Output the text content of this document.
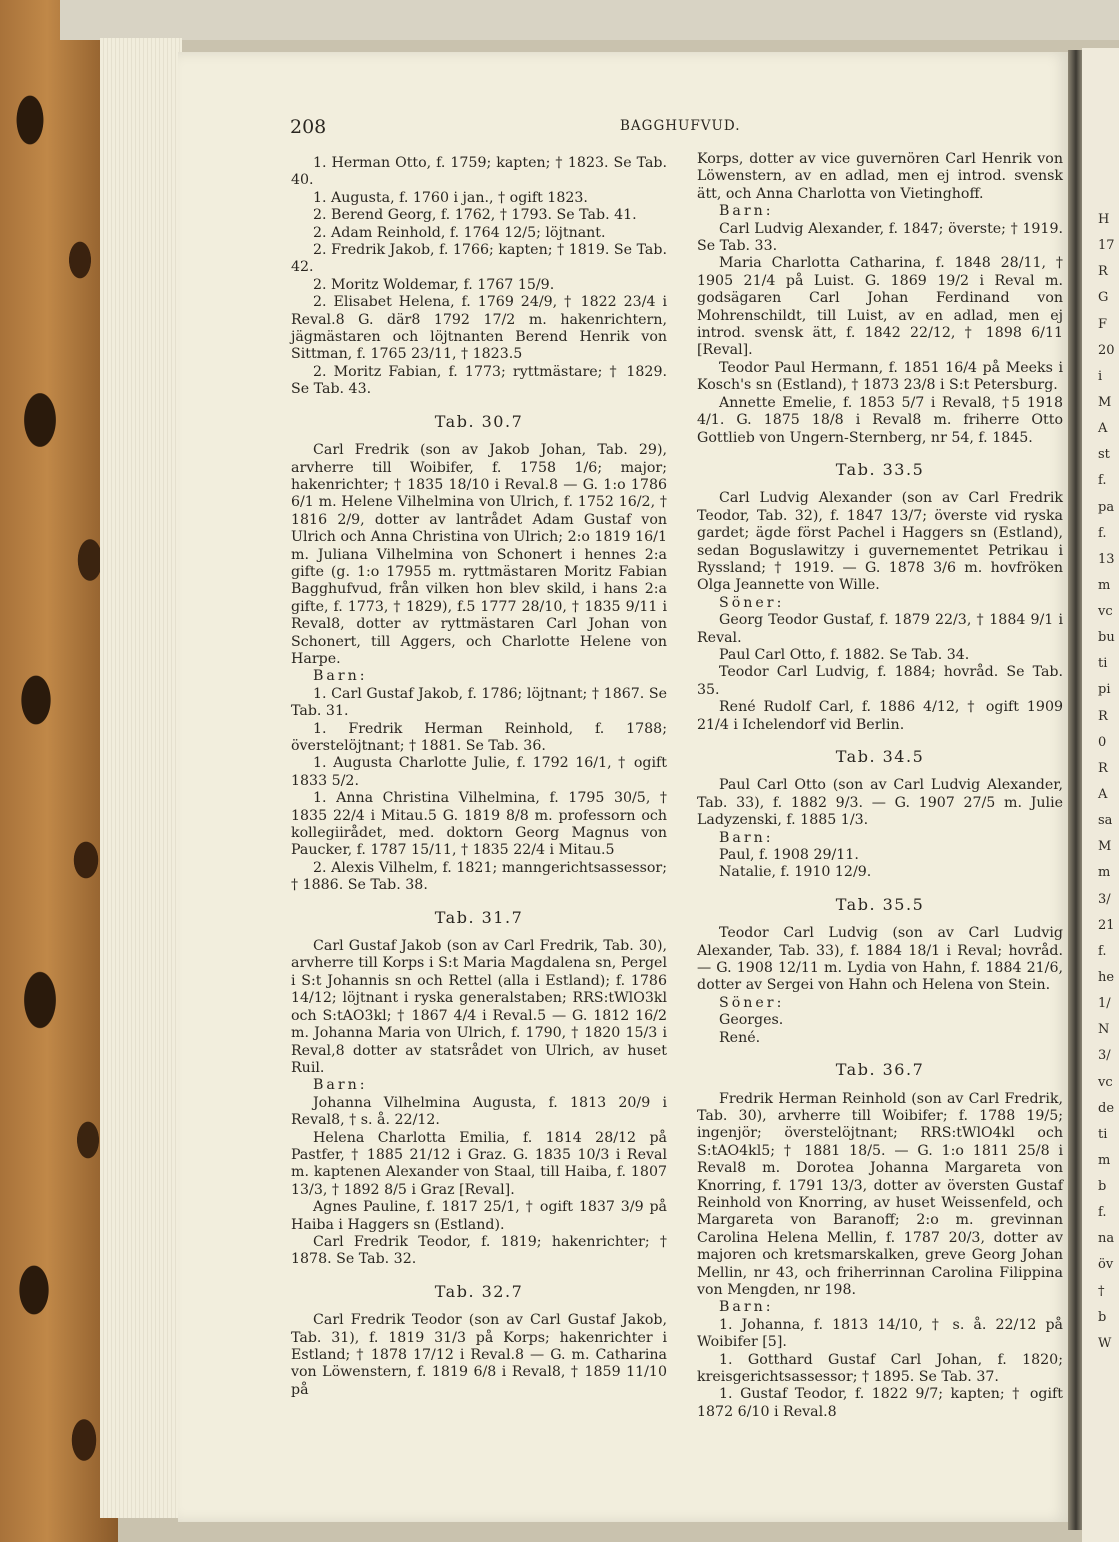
H
17
R
G
F
20
i
M
A
st
f.
pa
f.
13
m
vc
bu
ti
pi
R
0
R
A
sa
M
m
3/
21
f.
he
1/
N
3/
vc
de
ti
m
b
f.
na
öv
†
b
W
208	BAGGHUFVUD.

1. Herman Otto, f. 1759; kapten; † 1823. Se Tab. 40.

1. Augusta, f. 1760 i jan., † ogift 1823.

2. Berend Georg, f. 1762, † 1793. Se Tab. 41.

2. Adam Reinhold, f. 1764 12/5; löjtnant.

2. Fredrik Jakob, f. 1766; kapten; † 1819. Se Tab. 42.

2. Moritz Woldemar, f. 1767 15/9.

2. Elisabet Helena, f. 1769 24/9, † 1822 23/4 i Reval.8 G. där8 1792 17/2 m. hakenrichtern, jägmästaren och löjtnanten Berend Henrik von Sittman, f. 1765 23/11, † 1823.5

2. Moritz Fabian, f. 1773; ryttmästare; † 1829. Se Tab. 43.

Tab. 30.7

Carl Fredrik (son av Jakob Johan, Tab. 29), arvherre till Woibifer, f. 1758 1/6; major; hakenrichter; † 1835 18/10 i Reval.8 — G. 1:o 1786 6/1 m. Helene Vilhelmina von Ulrich, f. 1752 16/2, † 1816 2/9, dotter av lantrådet Adam Gustaf von Ulrich och Anna Christina von Ulrich; 2:o 1819 16/1 m. Juliana Vilhelmina von Schonert i hennes 2:a gifte (g. 1:o 17955 m. ryttmästaren Moritz Fabian Bagghufvud, från vilken hon blev skild, i hans 2:a gifte, f. 1773, † 1829), f.5 1777 28/10, † 1835 9/11 i Reval8, dotter av ryttmästaren Carl Johan von Schonert, till Aggers, och Charlotte Helene von Harpe.

Barn:

1. Carl Gustaf Jakob, f. 1786; löjtnant; † 1867. Se Tab. 31.

1. Fredrik Herman Reinhold, f. 1788; överstelöjtnant; † 1881. Se Tab. 36.

1. Augusta Charlotte Julie, f. 1792 16/1, † ogift 1833 5/2.

1. Anna Christina Vilhelmina, f. 1795 30/5, † 1835 22/4 i Mitau.5 G. 1819 8/8 m. professorn och kollegiirådet, med. doktorn Georg Magnus von Paucker, f. 1787 15/11, † 1835 22/4 i Mitau.5

2. Alexis Vilhelm, f. 1821; manngerichtsassessor; † 1886. Se Tab. 38.

Tab. 31.7

Carl Gustaf Jakob (son av Carl Fredrik, Tab. 30), arvherre till Korps i S:t Maria Magdalena sn, Pergel i S:t Johannis sn och Rettel (alla i Estland); f. 1786 14/12; löjtnant i ryska generalstaben; RRS:tWlO3kl och S:tAO3kl; † 1867 4/4 i Reval.5 — G. 1812 16/2 m. Johanna Maria von Ulrich, f. 1790, † 1820 15/3 i Reval,8 dotter av statsrådet von Ulrich, av huset Ruil.

Barn:

Johanna Vilhelmina Augusta, f. 1813 20/9 i Reval8, † s. å. 22/12.

Helena Charlotta Emilia, f. 1814 28/12 på Pastfer, † 1885 21/12 i Graz. G. 1835 10/3 i Reval m. kaptenen Alexander von Staal, till Haiba, f. 1807 13/3, † 1892 8/5 i Graz [Reval].

Agnes Pauline, f. 1817 25/1, † ogift 1837 3/9 på Haiba i Haggers sn (Estland).

Carl Fredrik Teodor, f. 1819; hakenrichter; † 1878. Se Tab. 32.

Tab. 32.7

Carl Fredrik Teodor (son av Carl Gustaf Jakob, Tab. 31), f. 1819 31/3 på Korps; hakenrichter i Estland; † 1878 17/12 i Reval.8 — G. m. Catharina von Löwenstern, f. 1819 6/8 i Reval8, † 1859 11/10 på

Korps, dotter av vice guvernören Carl Henrik von Löwenstern, av en adlad, men ej introd. svensk ätt, och Anna Charlotta von Vietinghoff.

Barn:

Carl Ludvig Alexander, f. 1847; överste; † 1919. Se Tab. 33.

Maria Charlotta Catharina, f. 1848 28/11, † 1905 21/4 på Luist. G. 1869 19/2 i Reval m. godsägaren Carl Johan Ferdinand von Mohrenschildt, till Luist, av en adlad, men ej introd. svensk ätt, f. 1842 22/12, † 1898 6/11 [Reval].

Teodor Paul Hermann, f. 1851 16/4 på Meeks i Kosch's sn (Estland), † 1873 23/8 i S:t Petersburg.

Annette Emelie, f. 1853 5/7 i Reval8, †5 1918 4/1. G. 1875 18/8 i Reval8 m. friherre Otto Gottlieb von Ungern-Sternberg, nr 54, f. 1845.

Tab. 33.5

Carl Ludvig Alexander (son av Carl Fredrik Teodor, Tab. 32), f. 1847 13/7; överste vid ryska gardet; ägde först Pachel i Haggers sn (Estland), sedan Boguslawitzy i guvernementet Petrikau i Ryssland; † 1919. — G. 1878 3/6 m. hovfröken Olga Jeannette von Wille.

Söner:

Georg Teodor Gustaf, f. 1879 22/3, † 1884 9/1 i Reval.

Paul Carl Otto, f. 1882. Se Tab. 34.

Teodor Carl Ludvig, f. 1884; hovråd. Se Tab. 35.

René Rudolf Carl, f. 1886 4/12, † ogift 1909 21/4 i Ichelendorf vid Berlin.

Tab. 34.5

Paul Carl Otto (son av Carl Ludvig Alexander, Tab. 33), f. 1882 9/3. — G. 1907 27/5 m. Julie Ladyzenski, f. 1885 1/3.

Barn:

Paul, f. 1908 29/11.

Natalie, f. 1910 12/9.

Tab. 35.5

Teodor Carl Ludvig (son av Carl Ludvig Alexander, Tab. 33), f. 1884 18/1 i Reval; hovråd. — G. 1908 12/11 m. Lydia von Hahn, f. 1884 21/6, dotter av Sergei von Hahn och Helena von Stein.

Söner:

Georges.

René.

Tab. 36.7

Fredrik Herman Reinhold (son av Carl Fredrik, Tab. 30), arvherre till Woibifer; f. 1788 19/5; ingenjör; överstelöjtnant; RRS:tWlO4kl och S:tAO4kl5; † 1881 18/5. — G. 1:o 1811 25/8 i Reval8 m. Dorotea Johanna Margareta von Knorring, f. 1791 13/3, dotter av översten Gustaf Reinhold von Knorring, av huset Weissenfeld, och Margareta von Baranoff; 2:o m. grevinnan Carolina Helena Mellin, f. 1787 20/3, dotter av majoren och kretsmarskalken, greve Georg Johan Mellin, nr 43, och friherrinnan Carolina Filippina von Mengden, nr 198.

Barn:

1. Johanna, f. 1813 14/10, † s. å. 22/12 på Woibifer [5].

1. Gotthard Gustaf Carl Johan, f. 1820; kreisgerichtsassessor; † 1895. Se Tab. 37.

1. Gustaf Teodor, f. 1822 9/7; kapten; † ogift 1872 6/10 i Reval.8
